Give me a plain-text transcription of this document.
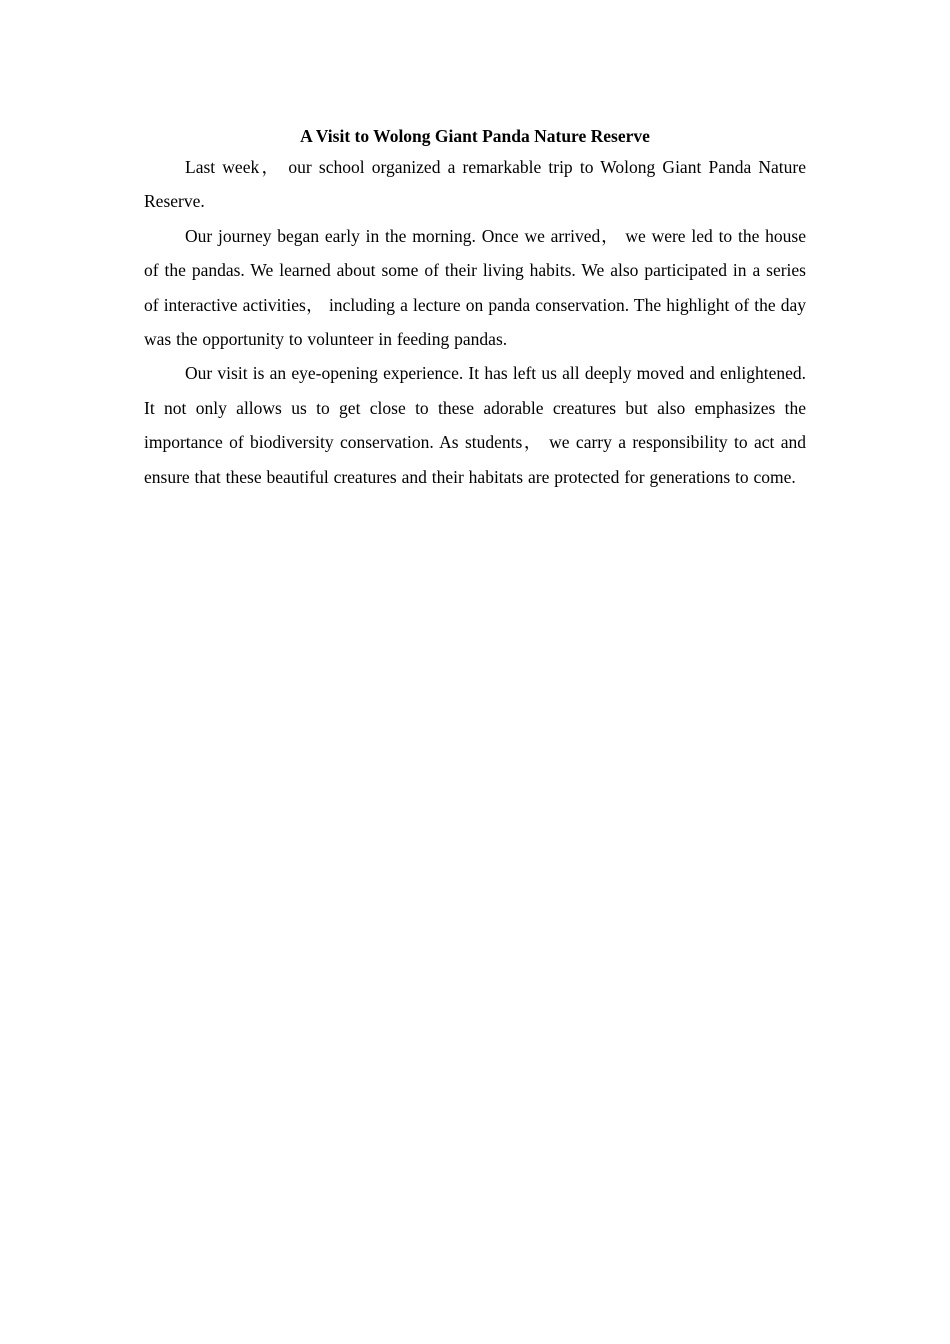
A Visit to Wolong Giant Panda Nature Reserve

Last week， our school organized a remarkable trip to Wolong Giant Panda Nature Reserve.

Our journey began early in the morning. Once we arrived， we were led to the house of the pandas. We learned about some of their living habits. We also participated in a series of interactive activities， including a lecture on panda conservation. The highlight of the day was the opportunity to volunteer in feeding pandas.

Our visit is an eye-opening experience. It has left us all deeply moved and enlightened. It not only allows us to get close to these adorable creatures but also emphasizes the importance of biodiversity conservation. As students， we carry a responsibility to act and ensure that these beautiful creatures and their habitats are protected for generations to come.
